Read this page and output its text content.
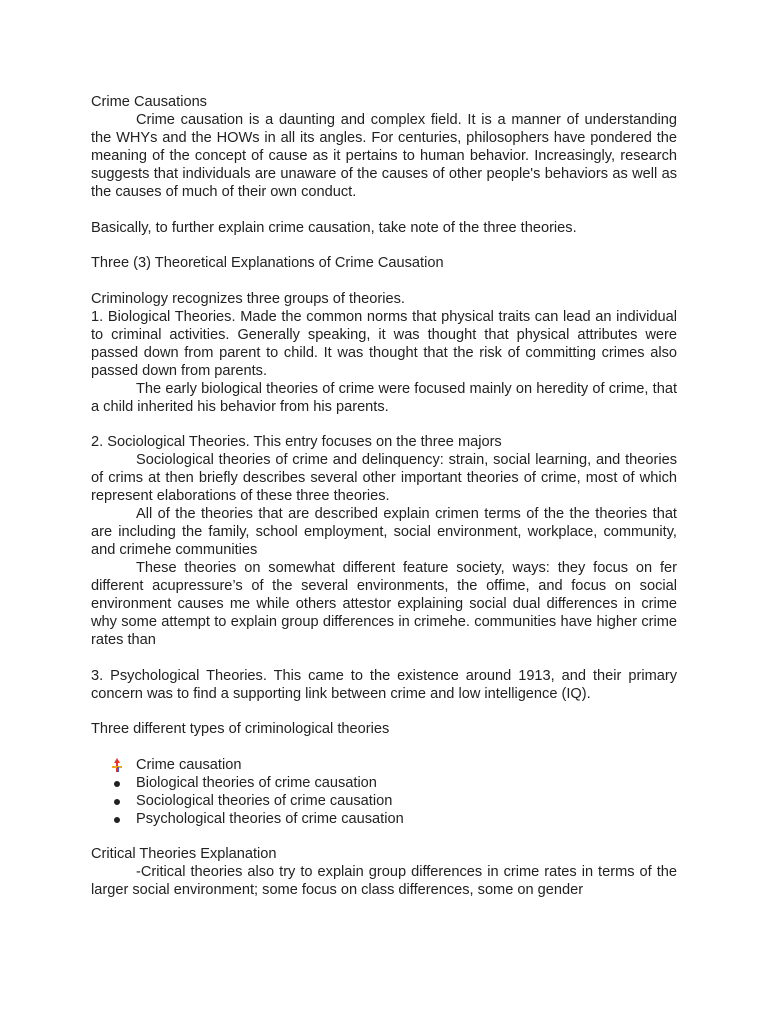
Crime Causations

Crime causation is a daunting and complex field. It is a manner of understanding the WHYs and the HOWs in all its angles. For centuries, philosophers have pondered the meaning of the concept of cause as it pertains to human behavior. Increasingly, research suggests that individuals are unaware of the causes of other people's behaviors as well as the causes of much of their own conduct.

Basically, to further explain crime causation, take note of the three theories.

Three (3) Theoretical Explanations of Crime Causation

Criminology recognizes three groups of theories.

1. Biological Theories. Made the common norms that physical traits can lead an individual to criminal activities. Generally speaking, it was thought that physical attributes were passed down from parent to child. It was thought that the risk of committing crimes also passed down from parents.

The early biological theories of crime were focused mainly on heredity of crime, that a child inherited his behavior from his parents.

2. Sociological Theories. This entry focuses on the three majors

Sociological theories of crime and delinquency: strain, social learning, and theories of crims at then briefly describes several other important theories of crime, most of which represent elaborations of these three theories.

All of the theories that are described explain crimen terms of the the theories that are including the family, school employment, social environment, workplace, community, and crimehe communities

These theories on somewhat different feature society, ways: they focus on fer different acupressure’s of the several environments, the offime, and focus on social environment causes me while others attestor explaining social dual differences in crime why some attempt to explain group differences in crimehe. communities have higher crime rates than

3. Psychological Theories. This came to the existence around 1913, and their primary concern was to find a supporting link between crime and low intelligence (IQ).

Three different types of criminological theories

Crime causation
Biological theories of crime causation
Sociological theories of crime causation
Psychological theories of crime causation

Critical Theories Explanation

-Critical theories also try to explain group differences in crime rates in terms of the larger social environment; some focus on class differences, some on gender
